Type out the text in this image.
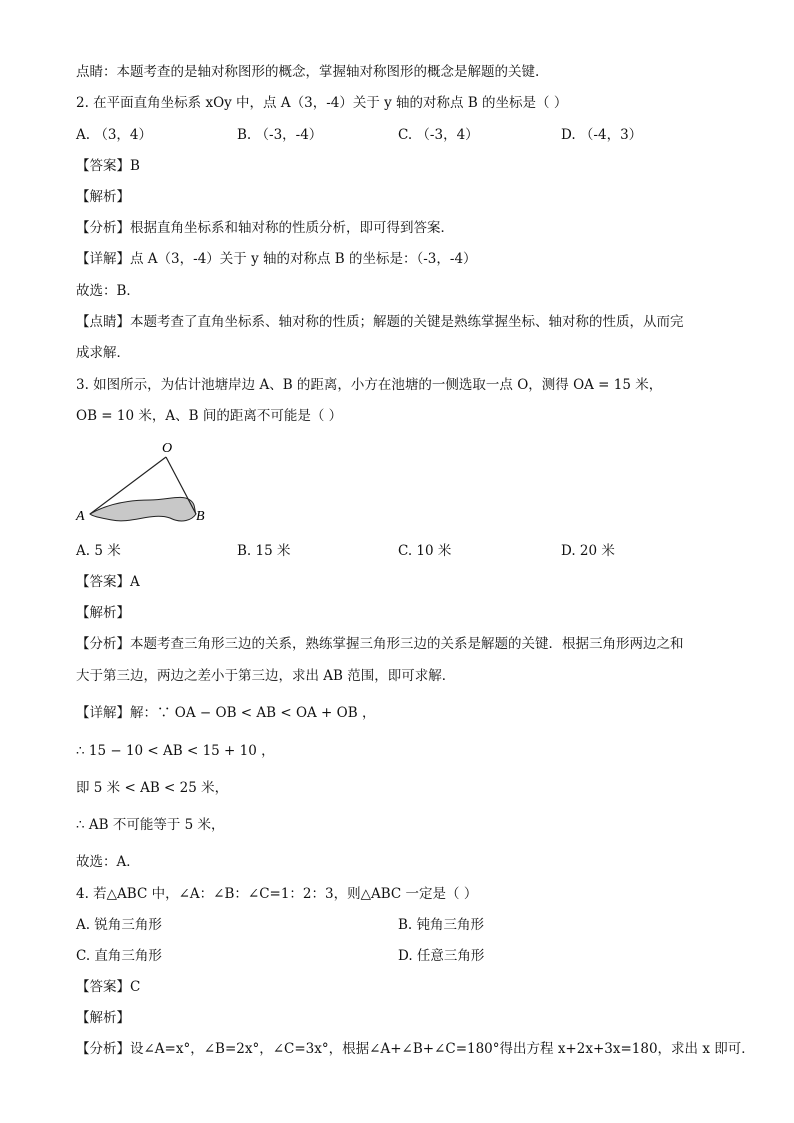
点睛：本题考查的是轴对称图形的概念，掌握轴对称图形的概念是解题的关键.
2. 在平面直角坐标系 xOy 中，点 A（3，-4）关于 y 轴的对称点 B 的坐标是（ ）
A. （3，4）	B. （-3，-4）	C. （-3，4）	D. （-4，3）
【答案】B
【解析】
【分析】根据直角坐标系和轴对称的性质分析，即可得到答案．
【详解】点 A（3，-4）关于 y 轴的对称点 B 的坐标是：（-3，-4）
故选：B．
【点睛】本题考查了直角坐标系、轴对称的性质；解题的关键是熟练掌握坐标、轴对称的性质，从而完
成求解．
3. 如图所示，为估计池塘岸边 A、B 的距离，小方在池塘的一侧选取一点 O，测得 OA = 15 米，
OB = 10 米，A、B 间的距离不可能是（ ）
O
A	B
A. 5 米	B. 15 米	C. 10 米	D. 20 米
【答案】A
【解析】
【分析】本题考查三角形三边的关系，熟练掌握三角形三边的关系是解题的关键．根据三角形两边之和
大于第三边，两边之差小于第三边，求出 AB 范围，即可求解．
【详解】解：∵ OA − OB < AB < OA + OB ，
∴ 15 − 10 < AB < 15 + 10 ，
即 5 米 < AB < 25 米，
∴ AB 不可能等于 5 米，
故选：A．
4. 若△ABC 中，∠A：∠B：∠C=1：2：3，则△ABC 一定是（ ）
A. 锐角三角形	B. 钝角三角形
C. 直角三角形	D. 任意三角形
【答案】C
【解析】
【分析】设∠A=x°，∠B=2x°，∠C=3x°，根据∠A+∠B+∠C=180°得出方程 x+2x+3x=180，求出 x 即可．
